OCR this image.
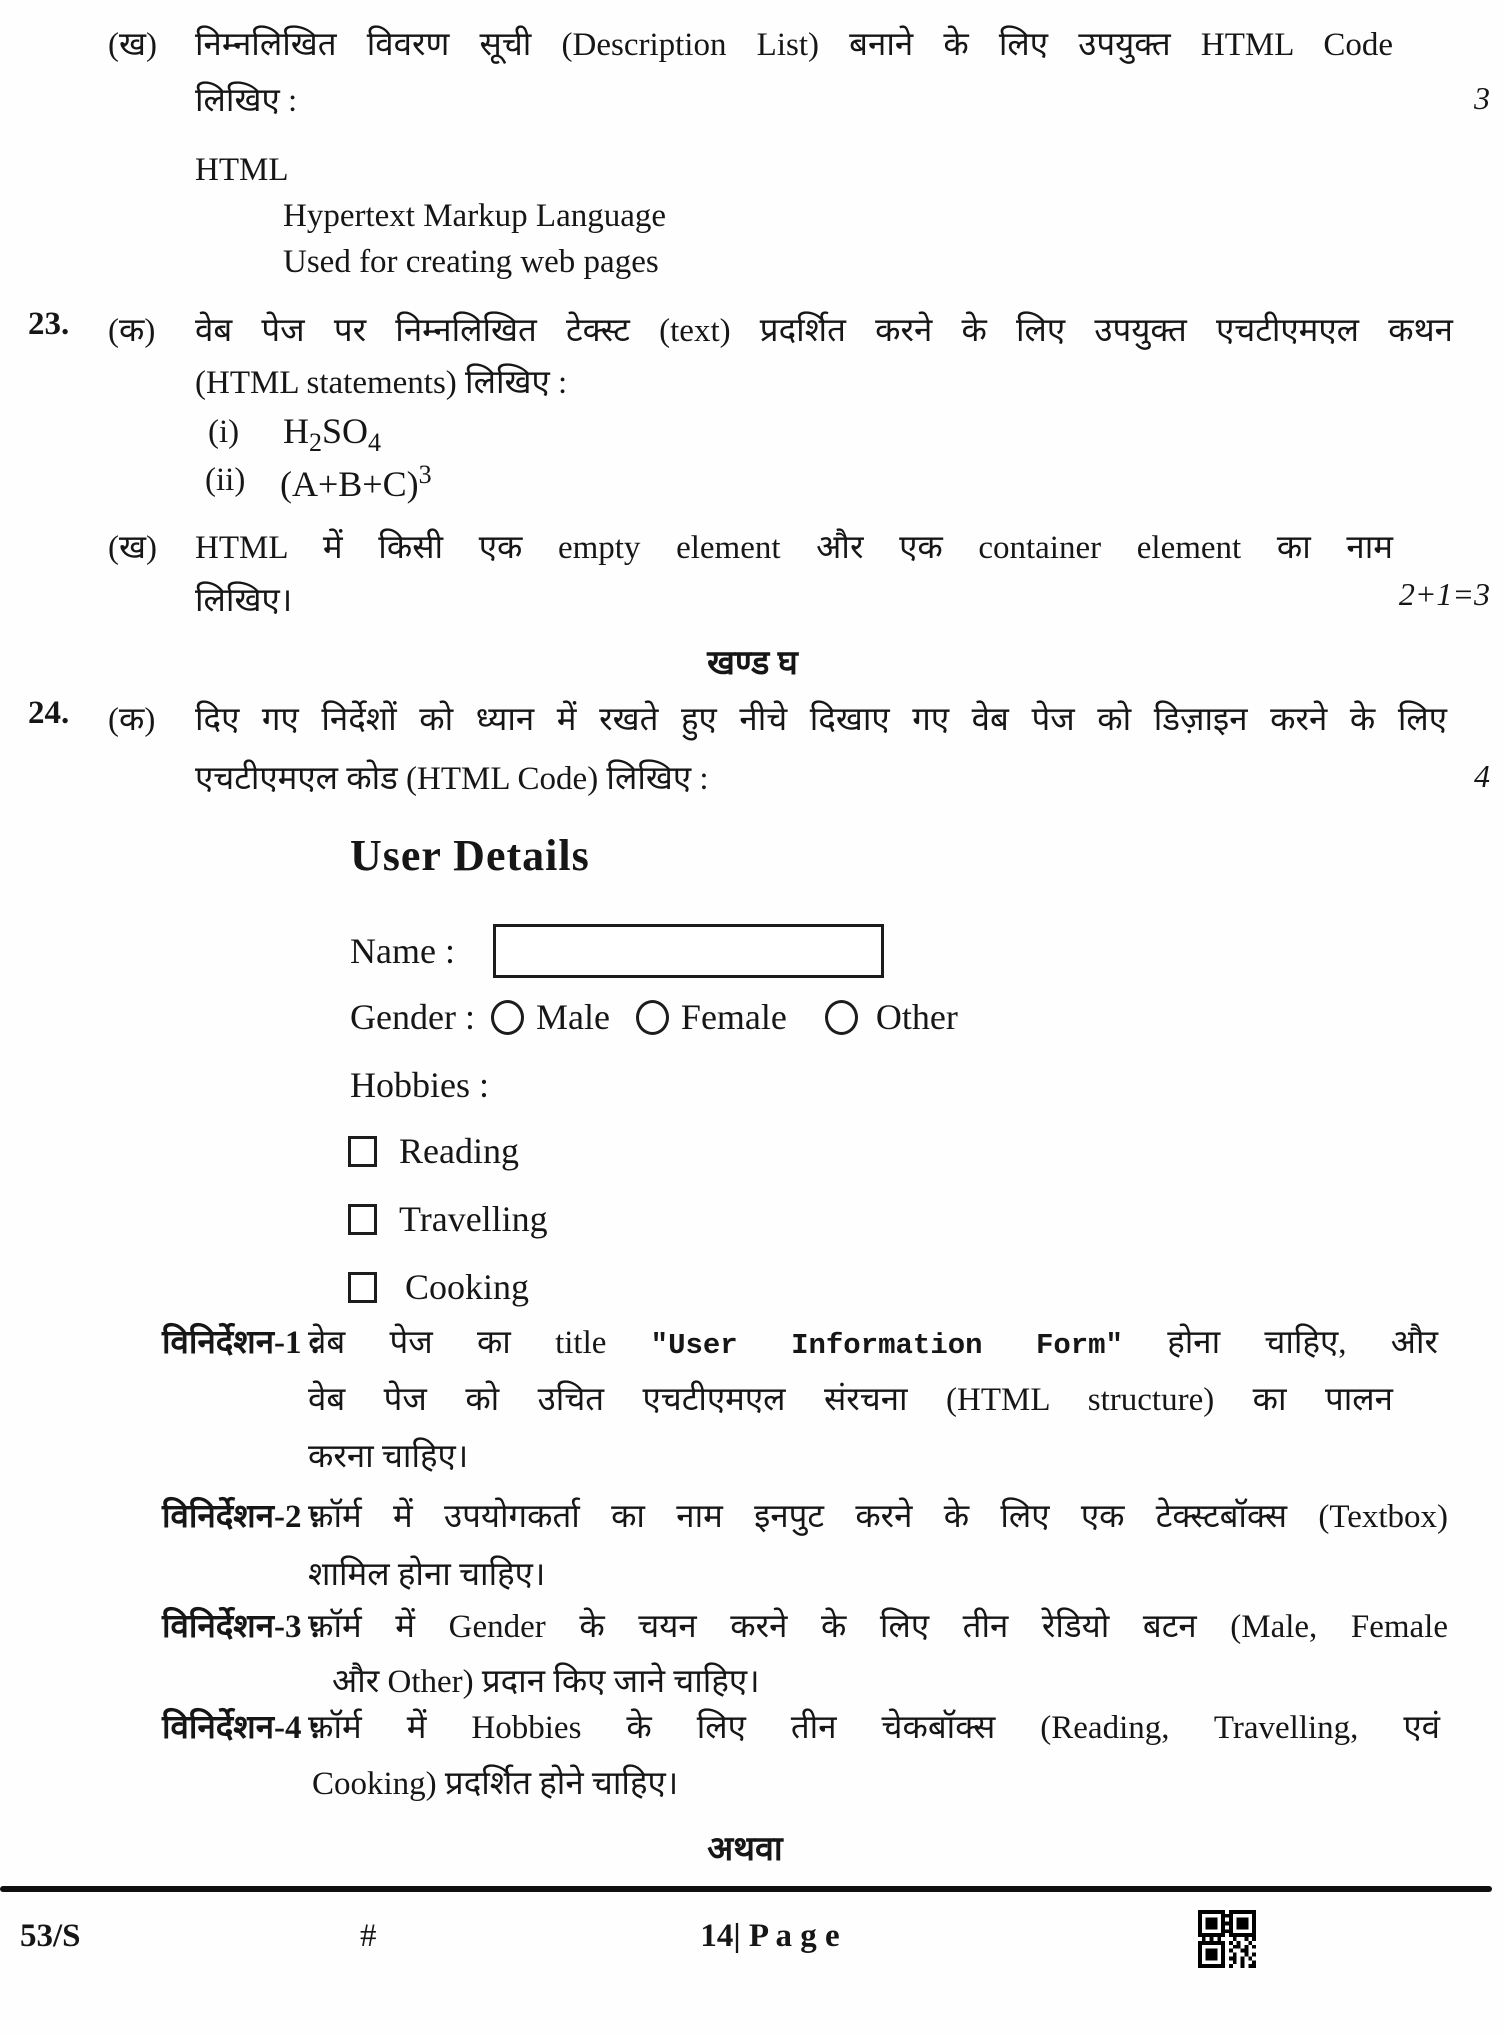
(ख) निम्नलिखित विवरण सूची (Description List) बनाने के लिए उपयुक्त HTML Code
लिखिए :	3
HTML
Hypertext Markup Language
Used for creating web pages
23. (क) वेब पेज पर निम्नलिखित टेक्स्ट (text) प्रदर्शित करने के लिए उपयुक्त एचटीएमएल कथन
(HTML statements) लिखिए :
(i) $H_2SO_4$
(ii) $(A+B+C)^3$
(ख) HTML में किसी एक empty element और एक container element का नाम
लिखिए।	2+1=3
खण्ड घ
24. (क) दिए गए निर्देशों को ध्यान में रखते हुए नीचे दिखाए गए वेब पेज को डिज़ाइन करने के लिए
एचटीएमएल कोड (HTML Code) लिखिए :	4
User Details
Name :
Gender : Male Female Other
Hobbies :
Reading
Travelling
Cooking
विनिर्देशन-1 :
वेब पेज का title "User Information Form" होना चाहिए, और
वेब पेज को उचित एचटीएमएल संरचना (HTML structure) का पालन
करना चाहिए।
विनिर्देशन-2 :
फॉर्म में उपयोगकर्ता का नाम इनपुट करने के लिए एक टेक्स्टबॉक्स (Textbox)
शामिल होना चाहिए।
विनिर्देशन-3 :
फॉर्म में Gender के चयन करने के लिए तीन रेडियो बटन (Male, Female
और Other) प्रदान किए जाने चाहिए।
विनिर्देशन-4 :
फॉर्म में Hobbies के लिए तीन चेकबॉक्स (Reading, Travelling, एवं
Cooking) प्रदर्शित होने चाहिए।
अथवा
53/S	#	14| P a g e
